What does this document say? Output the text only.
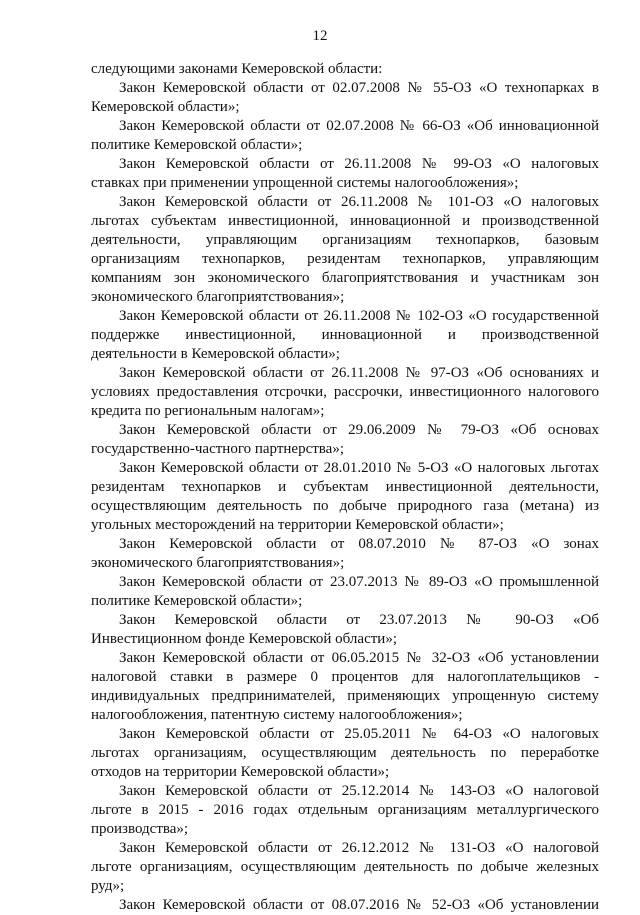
12
следующими законами Кемеровской области:
Закон Кемеровской области от 02.07.2008 № 55-ОЗ «О технопарках в
Кемеровской области»;
Закон Кемеровской области от 02.07.2008 № 66-ОЗ «Об инновационной
политике Кемеровской области»;
Закон Кемеровской области от 26.11.2008 № 99-ОЗ «О налоговых
ставках при применении упрощенной системы налогообложения»;
Закон Кемеровской области от 26.11.2008 № 101-ОЗ «О налоговых
льготах субъектам инвестиционной, инновационной и производственной
деятельности, управляющим организациям технопарков, базовым
организациям технопарков, резидентам технопарков, управляющим
компаниям зон экономического благоприятствования и участникам зон
экономического благоприятствования»;
Закон Кемеровской области от 26.11.2008 № 102-ОЗ «О государственной
поддержке инвестиционной, инновационной и производственной
деятельности в Кемеровской области»;
Закон Кемеровской области от 26.11.2008 № 97-ОЗ «Об основаниях и
условиях предоставления отсрочки, рассрочки, инвестиционного налогового
кредита по региональным налогам»;
Закон Кемеровской области от 29.06.2009 № 79-ОЗ «Об основах
государственно-частного партнерства»;
Закон Кемеровской области от 28.01.2010 № 5-ОЗ «О налоговых льготах
резидентам технопарков и субъектам инвестиционной деятельности,
осуществляющим деятельность по добыче природного газа (метана) из
угольных месторождений на территории Кемеровской области»;
Закон Кемеровской области от 08.07.2010 № 87-ОЗ «О зонах
экономического благоприятствования»;
Закон Кемеровской области от 23.07.2013 № 89-ОЗ «О промышленной
политике Кемеровской области»;
Закон Кемеровской области от 23.07.2013 № 90-ОЗ «Об
Инвестиционном фонде Кемеровской области»;
Закон Кемеровской области от 06.05.2015 № 32-ОЗ «Об установлении
налоговой ставки в размере 0 процентов для налогоплательщиков -
индивидуальных предпринимателей, применяющих упрощенную систему
налогообложения, патентную систему налогообложения»;
Закон Кемеровской области от 25.05.2011 № 64-ОЗ «О налоговых
льготах организациям, осуществляющим деятельность по переработке
отходов на территории Кемеровской области»;
Закон Кемеровской области от 25.12.2014 № 143-ОЗ «О налоговой
льготе в 2015 - 2016 годах отдельным организациям металлургического
производства»;
Закон Кемеровской области от 26.12.2012 № 131-ОЗ «О налоговой
льготе организациям, осуществляющим деятельность по добыче железных
руд»;
Закон Кемеровской области от 08.07.2016 № 52-ОЗ «Об установлении
